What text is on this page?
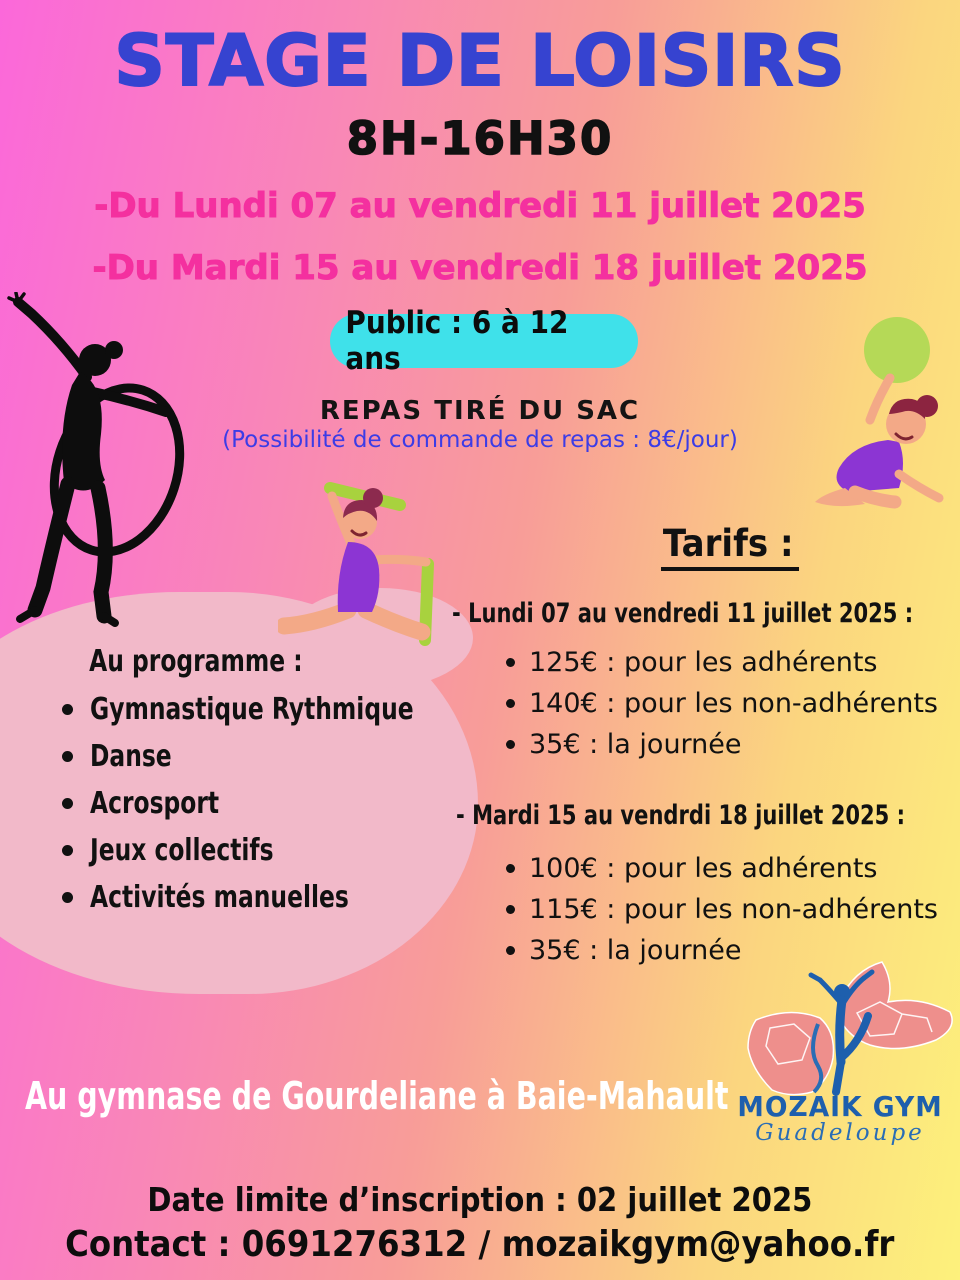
STAGE DE LOISIRS
8H-16H30
-Du Lundi 07 au vendredi 11 juillet 2025
-Du Mardi 15 au vendredi 18 juillet 2025
Public : 6 à 12 ans
REPAS TIRÉ DU SAC
(Possibilité de commande de repas : 8€/jour)
Au programme :
Gymnastique Rythmique
Danse
Acrosport
Jeux collectifs
Activités manuelles
Tarifs :
- Lundi 07 au vendredi 11 juillet 2025 :
125€ : pour les adhérents
140€ : pour les non-adhérents
35€ : la journée
- Mardi 15 au vendrdi 18 juillet 2025 :
100€ : pour les adhérents
115€ : pour les non-adhérents
35€ : la journée
MOZAIK GYM
Guadeloupe
Au gymnase de Gourdeliane à Baie-Mahault
Date limite d’inscription : 02 juillet 2025
Contact : 0691276312 / mozaikgym@yahoo.fr
